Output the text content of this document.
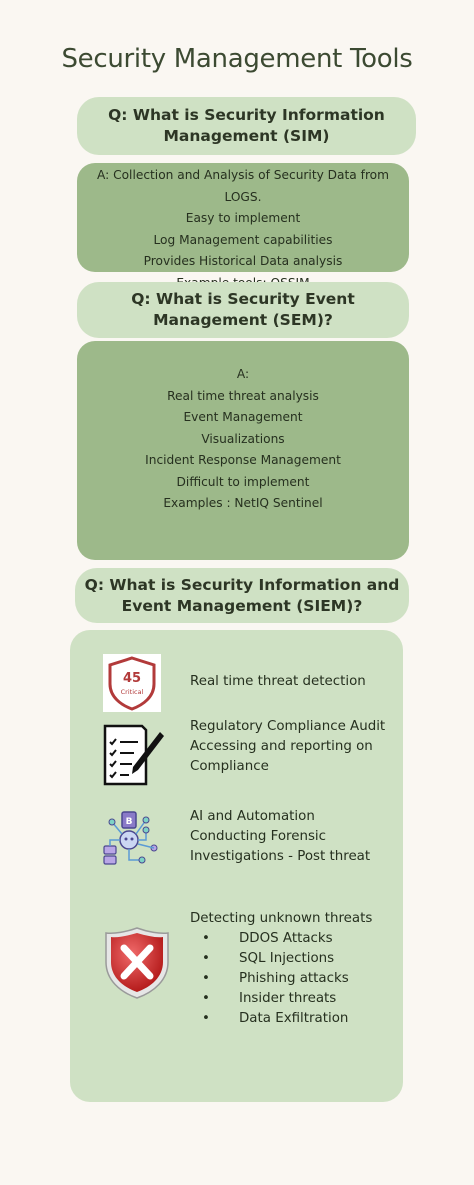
Security Management Tools
Q: What is Security Information
Management (SIM)
A: Collection and Analysis of Security Data from LOGS.
Easy to implement
Log Management capabilities
Provides Historical Data analysis
Q: What is Security Event
Management (SEM)?
A:
Real time threat analysis
Event Management
Visualizations
Incident Response Management
Difficult to implement
Examples : NetIQ Sentinel
Q: What is Security Information and
Event Management (SIEM)?
45
Critical
Real time threat detection
Regulatory Compliance Audit
Accessing and reporting on
Compliance
B	AI and Automation
Conducting Forensic
Investigations - Post threat
Detecting unknown threats
•	DDOS Attacks
•	SQL Injections
•	Phishing attacks
•	Insider threats
•	Data Exfiltration
